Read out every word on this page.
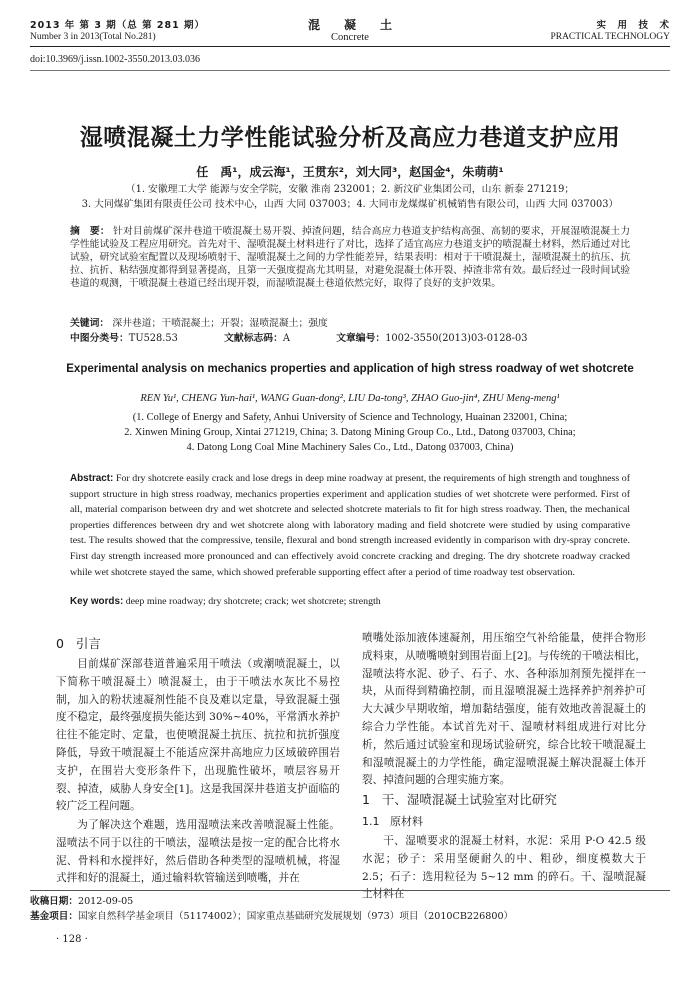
2013 年 第 3 期（总 第 281 期）
Number 3 in 2013(Total No.281)
混　　凝　　土
Concrete
实　用　技　术
PRACTICAL TECHNOLOGY
doi:10.3969/j.issn.1002-3550.2013.03.036
湿喷混凝土力学性能试验分析及高应力巷道支护应用
任　禹¹，成云海¹，王贯东²，刘大同³，赵国金⁴，朱萌萌¹
（1. 安徽理工大学 能源与安全学院，安徽 淮南 232001；2. 新汶矿业集团公司，山东 新泰 271219；
3. 大同煤矿集团有限责任公司 技术中心，山西 大同 037003；4. 大同市龙煤煤矿机械销售有限公司，山西 大同 037003）
摘　要： 针对目前煤矿深井巷道干喷混凝土易开裂、掉渣问题，结合高应力巷道支护结构高强、高韧的要求，开展湿喷混凝土力学性能试验及工程应用研究。首先对干、湿喷混凝土材料进行了对比，选择了适宜高应力巷道支护的喷混凝土材料，然后通过对比试验，研究试验室配置以及现场喷射干、湿喷混凝土之间的力学性能差异，结果表明：相对于干喷混凝土，湿喷混凝土的抗压、抗拉、抗折、粘结强度都得到显著提高，且第一天强度提高尤其明显，对避免混凝土体开裂、掉渣非常有效。最后经过一段时间试验巷道的观测，干喷混凝土巷道已经出现开裂，而湿喷混凝土巷道依然完好，取得了良好的支护效果。
关键词： 深井巷道；干喷混凝土；开裂；湿喷混凝土；强度
中图分类号：TU528.53	文献标志码：A	文章编号：1002-3550(2013)03-0128-03
Experimental analysis on mechanics properties and application of high stress roadway of wet shotcrete
REN Yu¹, CHENG Yun-hai¹, WANG Guan-dong², LIU Da-tong³, ZHAO Guo-jin⁴, ZHU Meng-meng¹
(1. College of Energy and Safety, Anhui University of Science and Technology, Huainan 232001, China;
2. Xinwen Mining Group, Xintai 271219, China; 3. Datong Mining Group Co., Ltd., Datong 037003, China;
4. Datong Long Coal Mine Machinery Sales Co., Ltd., Datong 037003, China)
Abstract: For dry shotcrete easily crack and lose dregs in deep mine roadway at present, the requirements of high strength and toughness of support structure in high stress roadway, mechanics properties experiment and application studies of wet shotcrete were performed. First of all, material comparison between dry and wet shotcrete and selected shotcrete materials to fit for high stress roadway. Then, the mechanical properties differences between dry and wet shotcrete along with laboratory mading and field shotcrete were studied by using comparative test. The results showed that the compressive, tensile, flexural and bond strength increased evidently in comparison with dry-spray concrete. First day strength increased more pronounced and can effectively avoid concrete cracking and dreging. The dry shotcrete roadway cracked while wet shotcrete stayed the same, which showed preferable supporting effect after a period of time roadway test observation.
Key words: deep mine roadway; dry shotcrete; crack; wet shotcrete; strength
0 引言
目前煤矿深部巷道普遍采用干喷法（或潮喷混凝土，以下简称干喷混凝土）喷混凝土，由于干喷法水灰比不易控制，加入的粉状速凝剂性能不良及难以定量，导致混凝土强度不稳定，最终强度损失能达到 30%~40%，平常洒水养护往往不能定时、定量，也使喷混凝土抗压、抗拉和抗折强度降低，导致干喷混凝土不能适应深井高地应力区域破碎围岩支护，在围岩大变形条件下，出现脆性破坏，喷层容易开裂、掉渣，威胁人身安全[1]。这是我国深井巷道支护面临的较广泛工程问题。
为了解决这个难题，选用湿喷法来改善喷混凝土性能。湿喷法不同于以往的干喷法，湿喷法是按一定的配合比将水泥、骨料和水搅拌好，然后借助各种类型的湿喷机械，将湿式拌和好的混凝土，通过输料软管输送到喷嘴，并在
喷嘴处添加液体速凝剂，用压缩空气补给能量，使拌合物形成料束，从喷嘴喷射到围岩面上[2]。与传统的干喷法相比，湿喷法将水泥、砂子、石子、水、各种添加剂预先搅拌在一块，从而得到精确控制，而且湿喷混凝土选择养护剂养护可大大减少早期收缩，增加黏结强度，能有效地改善混凝土的综合力学性能。本试首先对干、湿喷材料组成进行对比分析，然后通过试验室和现场试验研究，综合比较干喷混凝土和湿喷混凝土的力学性能，确定湿喷混凝土解决混凝土体开裂、掉渣问题的合理实施方案。
1 干、湿喷混凝土试验室对比研究
1.1 原材料
干、湿喷要求的混凝土材料，水泥：采用 P·O 42.5 级水泥；砂子：采用坚硬耐久的中、粗砂，细度模数大于 2.5；石子：选用粒径为 5~12 mm 的碎石。干、湿喷混凝土材料在
收稿日期：2012-09-05
基金项目：国家自然科学基金项目（51174002）；国家重点基础研究发展规划（973）项目（2010CB226800）
· 128 ·
